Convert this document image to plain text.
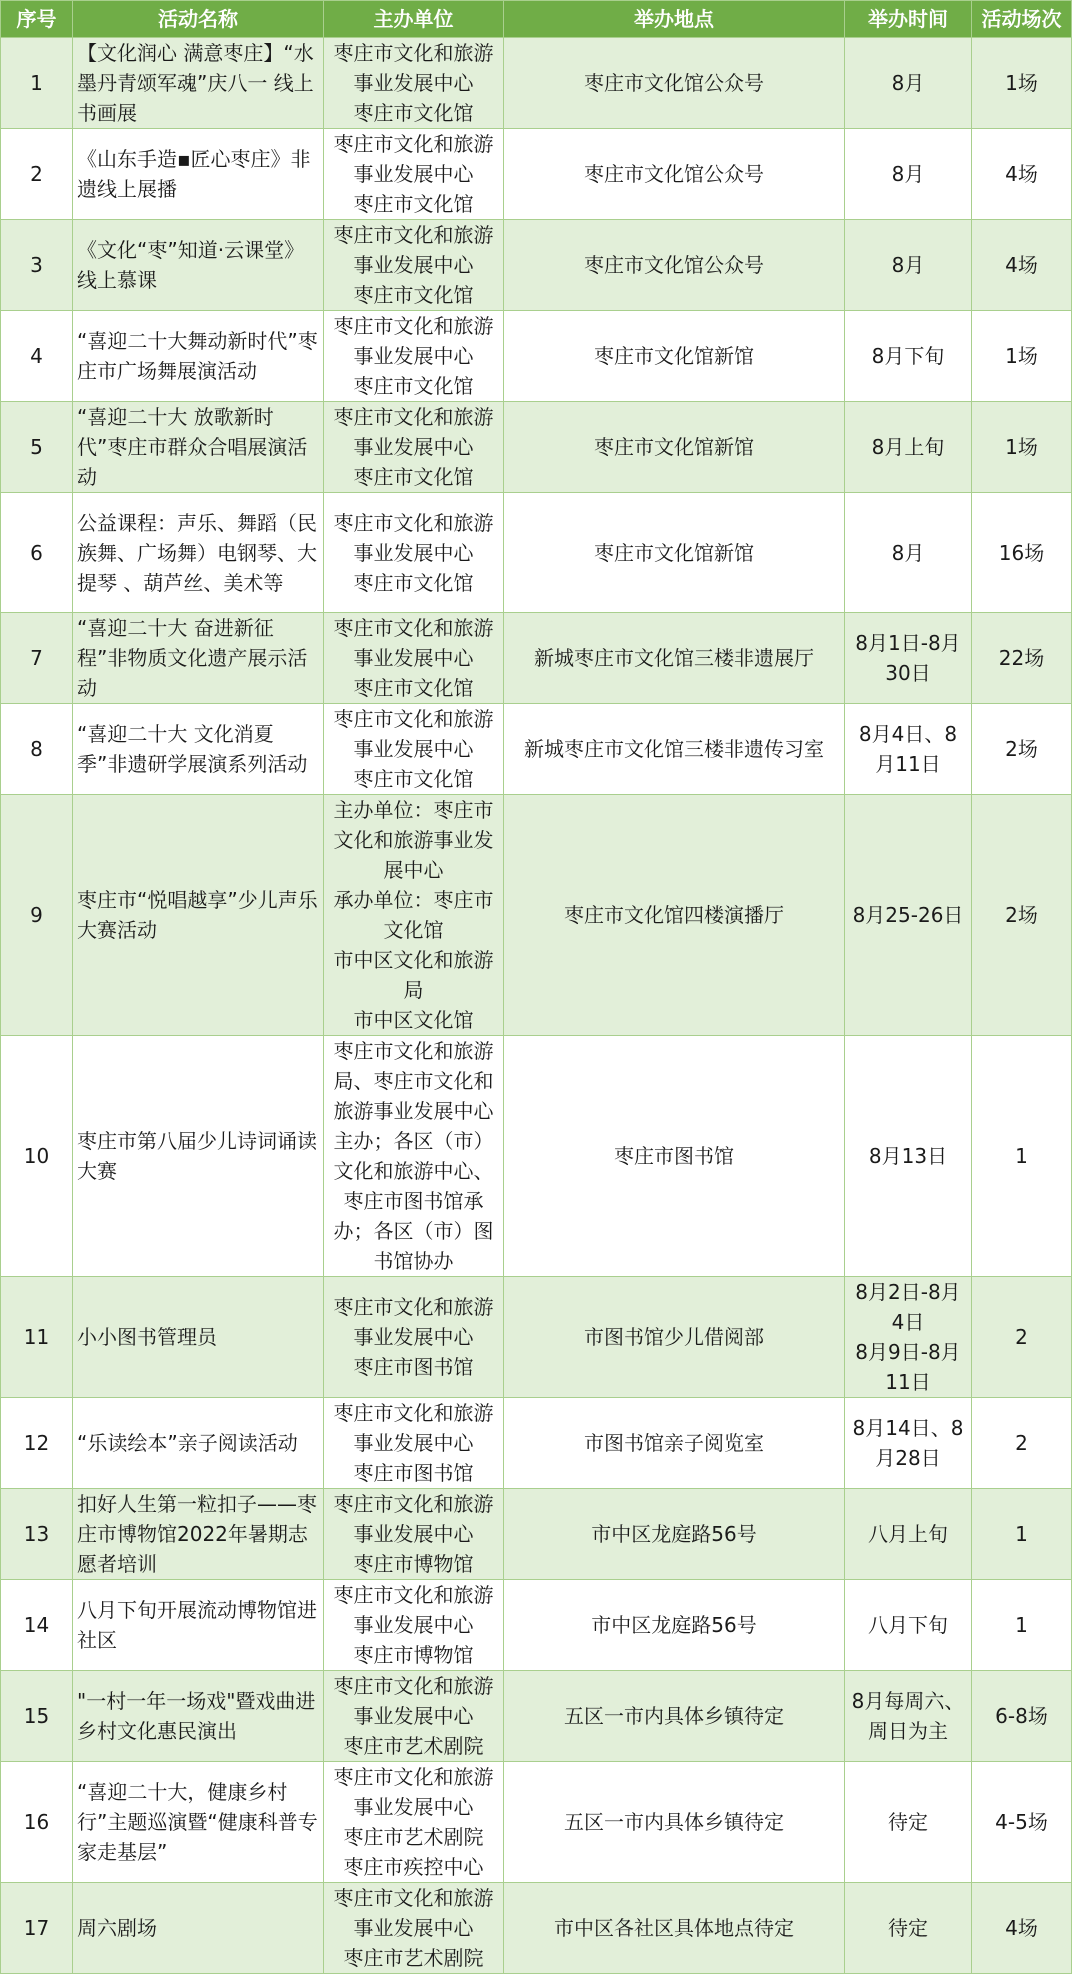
序号	活动名称	主办单位	举办地点	举办时间	活动场次
1	【文化润心 满意枣庄】“水墨丹青颂军魂”庆八一 线上书画展	枣庄市文化和旅游
事业发展中心
枣庄市文化馆	枣庄市文化馆公众号	8月	1场
2	《山东手造▪匠心枣庄》非遗线上展播	枣庄市文化和旅游
事业发展中心
枣庄市文化馆	枣庄市文化馆公众号	8月	4场
3	《文化“枣”知道·云课堂》线上慕课	枣庄市文化和旅游
事业发展中心
枣庄市文化馆	枣庄市文化馆公众号	8月	4场
4	“喜迎二十大舞动新时代”枣庄市广场舞展演活动	枣庄市文化和旅游
事业发展中心
枣庄市文化馆	枣庄市文化馆新馆	8月下旬	1场
5	“喜迎二十大 放歌新时代”枣庄市群众合唱展演活动	枣庄市文化和旅游
事业发展中心
枣庄市文化馆	枣庄市文化馆新馆	8月上旬	1场
6	公益课程：声乐、舞蹈（民族舞、广场舞）电钢琴、大提琴 、葫芦丝、美术等	枣庄市文化和旅游
事业发展中心
枣庄市文化馆	枣庄市文化馆新馆	8月	16场
7	“喜迎二十大 奋进新征程”非物质文化遗产展示活动	枣庄市文化和旅游
事业发展中心
枣庄市文化馆	新城枣庄市文化馆三楼非遗展厅	8月1日-8月30日	22场
8	“喜迎二十大 文化消夏季”非遗研学展演系列活动	枣庄市文化和旅游
事业发展中心
枣庄市文化馆	新城枣庄市文化馆三楼非遗传习室	8月4日、8月11日	2场
9	枣庄市“悦唱越享”少儿声乐大赛活动	主办单位：枣庄市文化和旅游事业发展中心
承办单位：枣庄市文化馆
市中区文化和旅游局
市中区文化馆	枣庄市文化馆四楼演播厅	8月25-26日	2场
10	枣庄市第八届少儿诗词诵读大赛	枣庄市文化和旅游局、枣庄市文化和旅游事业发展中心主办；各区（市）文化和旅游中心、枣庄市图书馆承办；各区（市）图书馆协办	枣庄市图书馆	8月13日	1
11	小小图书管理员	枣庄市文化和旅游
事业发展中心
枣庄市图书馆	市图书馆少儿借阅部	8月2日-8月4日
8月9日-8月11日	2
12	“乐读绘本”亲子阅读活动	枣庄市文化和旅游
事业发展中心
枣庄市图书馆	市图书馆亲子阅览室	8月14日、8月28日	2
13	扣好人生第一粒扣子——枣庄市博物馆2022年暑期志愿者培训	枣庄市文化和旅游
事业发展中心
枣庄市博物馆	市中区龙庭路56号	八月上旬	1
14	八月下旬开展流动博物馆进社区	枣庄市文化和旅游
事业发展中心
枣庄市博物馆	市中区龙庭路56号	八月下旬	1
15	"一村一年一场戏"暨戏曲进乡村文化惠民演出	枣庄市文化和旅游
事业发展中心
枣庄市艺术剧院	五区一市内具体乡镇待定	8月每周六、周日为主	6-8场
16	“喜迎二十大，健康乡村行”主题巡演暨“健康科普专家走基层”	枣庄市文化和旅游
事业发展中心
枣庄市艺术剧院
枣庄市疾控中心	五区一市内具体乡镇待定	待定	4-5场
17	周六剧场	枣庄市文化和旅游
事业发展中心
枣庄市艺术剧院	市中区各社区具体地点待定	待定	4场
